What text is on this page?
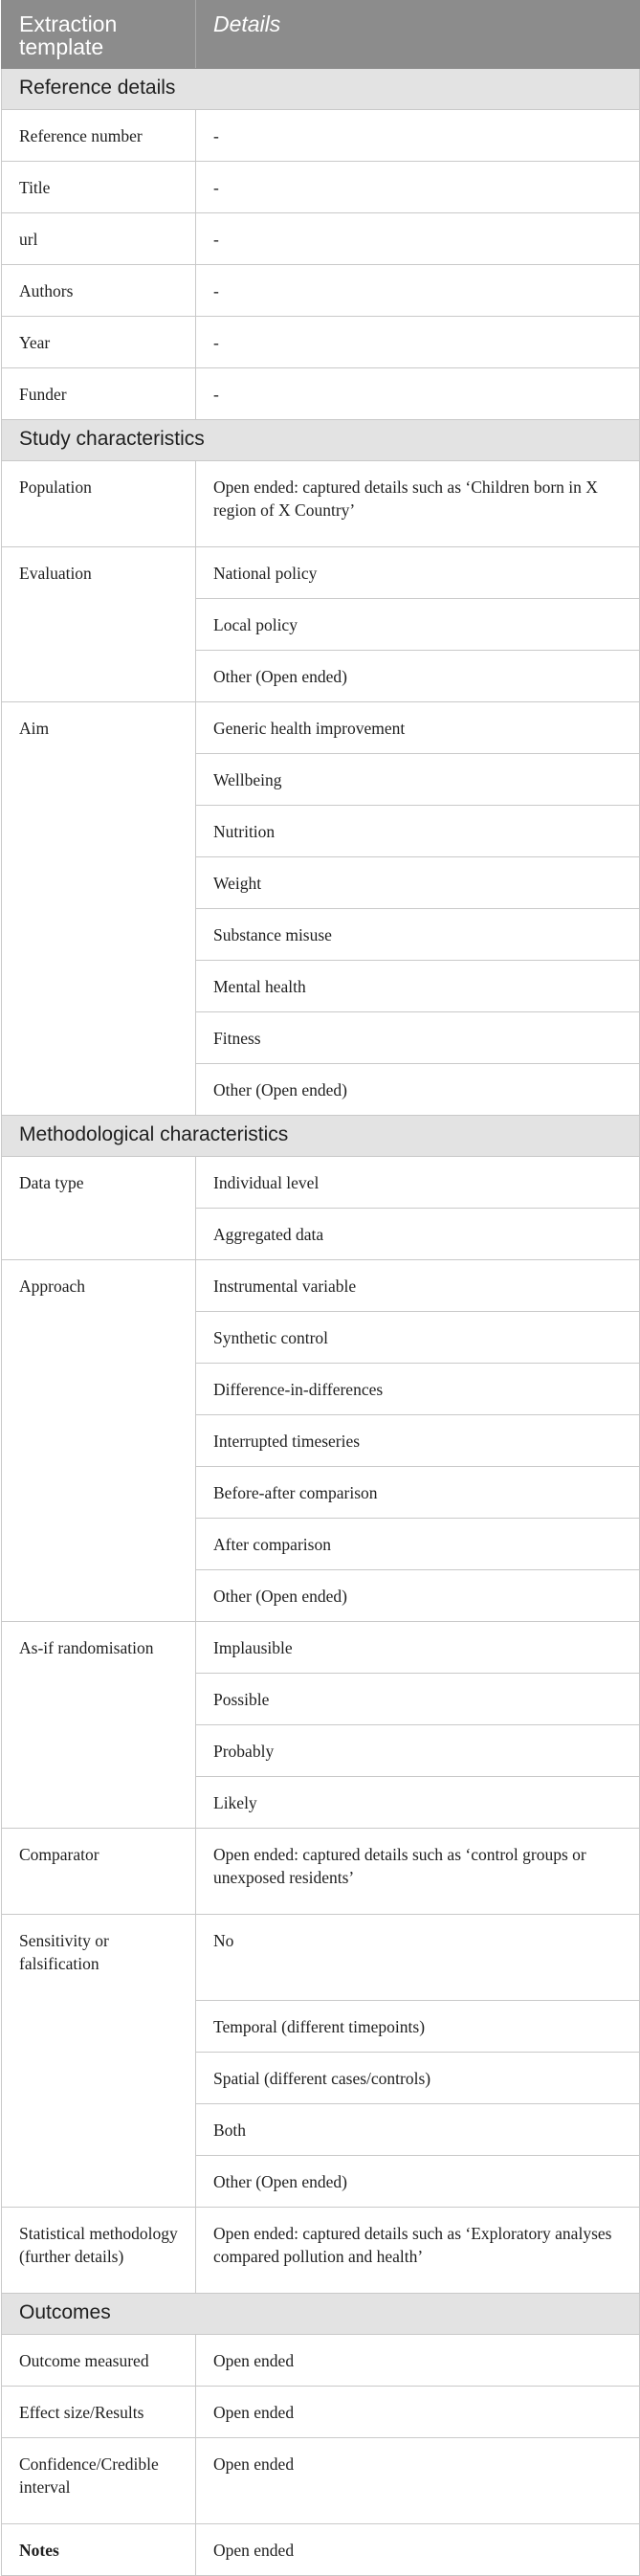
Extraction template	Details
Reference details	
Reference number	-
Title	-
url	-
Authors	-
Year	-
Funder	-
Study characteristics	
Population	Open ended: captured details such as ‘Children born in X region of X Country’
Evaluation	National policy
	Local policy
	Other (Open ended)
Aim	Generic health improvement
	Wellbeing
	Nutrition
	Weight
	Substance misuse
	Mental health
	Fitness
	Other (Open ended)
Methodological characteristics	
Data type	Individual level
	Aggregated data
Approach	Instrumental variable
	Synthetic control
	Difference-in-differences
	Interrupted timeseries
	Before-after comparison
	After comparison
	Other (Open ended)
As-if randomisation	Implausible
	Possible
	Probably
	Likely
Comparator	Open ended: captured details such as ‘control groups or unexposed residents’
Sensitivity or falsification	No
	Temporal (different timepoints)
	Spatial (different cases/controls)
	Both
	Other (Open ended)
Statistical methodology (further details)	Open ended: captured details such as ‘Exploratory analyses compared pollution and health’
Outcomes	
Outcome measured	Open ended
Effect size/Results	Open ended
Confidence/Credible interval	Open ended
Notes	Open ended
